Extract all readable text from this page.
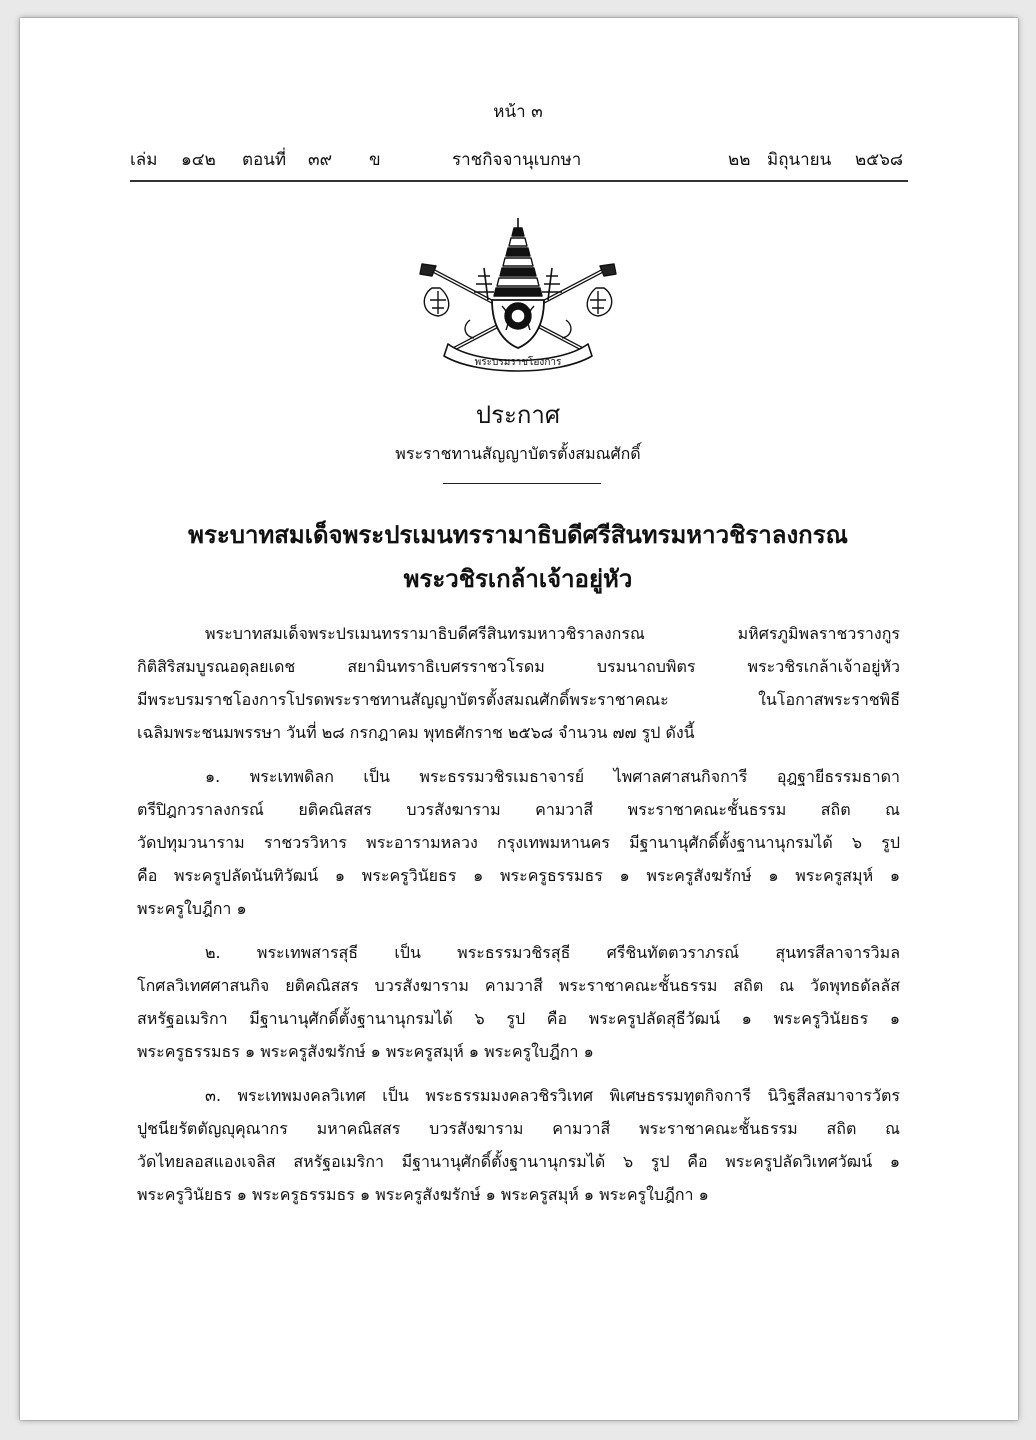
หน้า ๓
เล่ม ๑๔๒ ตอนที่ ๓๙ ข	ราชกิจจานุเบกษา	๒๒ มิถุนายน ๒๕๖๘
พระบรมราชโองการ
ประกาศ
พระราชทานสัญญาบัตรตั้งสมณศักดิ์
พระบาทสมเด็จพระปรเมนทรรามาธิบดีศรีสินทรมหาวชิราลงกรณ
พระวชิรเกล้าเจ้าอยู่หัว
พระบาทสมเด็จพระปรเมนทรรามาธิบดีศรีสินทรมหาวชิราลงกรณ มหิศรภูมิพลราชวรางกูร
กิติสิริสมบูรณอดุลยเดช สยามินทราธิเบศรราชวโรดม บรมนาถบพิตร พระวชิรเกล้าเจ้าอยู่หัว
มีพระบรมราชโองการโปรดพระราชทานสัญญาบัตรตั้งสมณศักดิ์พระราชาคณะ ในโอกาสพระราชพิธี
เฉลิมพระชนมพรรษา วันที่ ๒๘ กรกฎาคม พุทธศักราช ๒๕๖๘ จำนวน ๗๗ รูป ดังนี้
๑. พระเทพดิลก เป็น พระธรรมวชิรเมธาจารย์ ไพศาลศาสนกิจการี อุฎฐายีธรรมธาดา
ตรีปิฎกวราลงกรณ์ ยติคณิสสร บวรสังฆาราม คามวาสี พระราชาคณะชั้นธรรม สถิต ณ
วัดปทุมวนาราม ราชวรวิหาร พระอารามหลวง กรุงเทพมหานคร มีฐานานุศักดิ์ตั้งฐานานุกรมได้ ๖ รูป
คือ พระครูปลัดนันทิวัฒน์ ๑ พระครูวินัยธร ๑ พระครูธรรมธร ๑ พระครูสังฆรักษ์ ๑ พระครูสมุห์ ๑
พระครูใบฎีกา ๑
๒. พระเทพสารสุธี เป็น พระธรรมวชิรสุธี ศรีชินทัตตวราภรณ์ สุนทรสีลาจารวิมล
โกศลวิเทศศาสนกิจ ยติคณิสสร บวรสังฆาราม คามวาสี พระราชาคณะชั้นธรรม สถิต ณ วัดพุทธดัลลัส
สหรัฐอเมริกา มีฐานานุศักดิ์ตั้งฐานานุกรมได้ ๖ รูป คือ พระครูปลัดสุธีวัฒน์ ๑ พระครูวินัยธร ๑
พระครูธรรมธร ๑ พระครูสังฆรักษ์ ๑ พระครูสมุห์ ๑ พระครูใบฎีกา ๑
๓. พระเทพมงคลวิเทศ เป็น พระธรรมมงคลวชิรวิเทศ พิเศษธรรมทูตกิจการี นิวิฐสีลสมาจารวัตร
ปูชนียรัตตัญญุคุณากร มหาคณิสสร บวรสังฆาราม คามวาสี พระราชาคณะชั้นธรรม สถิต ณ
วัดไทยลอสแองเจลิส สหรัฐอเมริกา มีฐานานุศักดิ์ตั้งฐานานุกรมได้ ๖ รูป คือ พระครูปลัดวิเทศวัฒน์ ๑
พระครูวินัยธร ๑ พระครูธรรมธร ๑ พระครูสังฆรักษ์ ๑ พระครูสมุห์ ๑ พระครูใบฎีกา ๑
